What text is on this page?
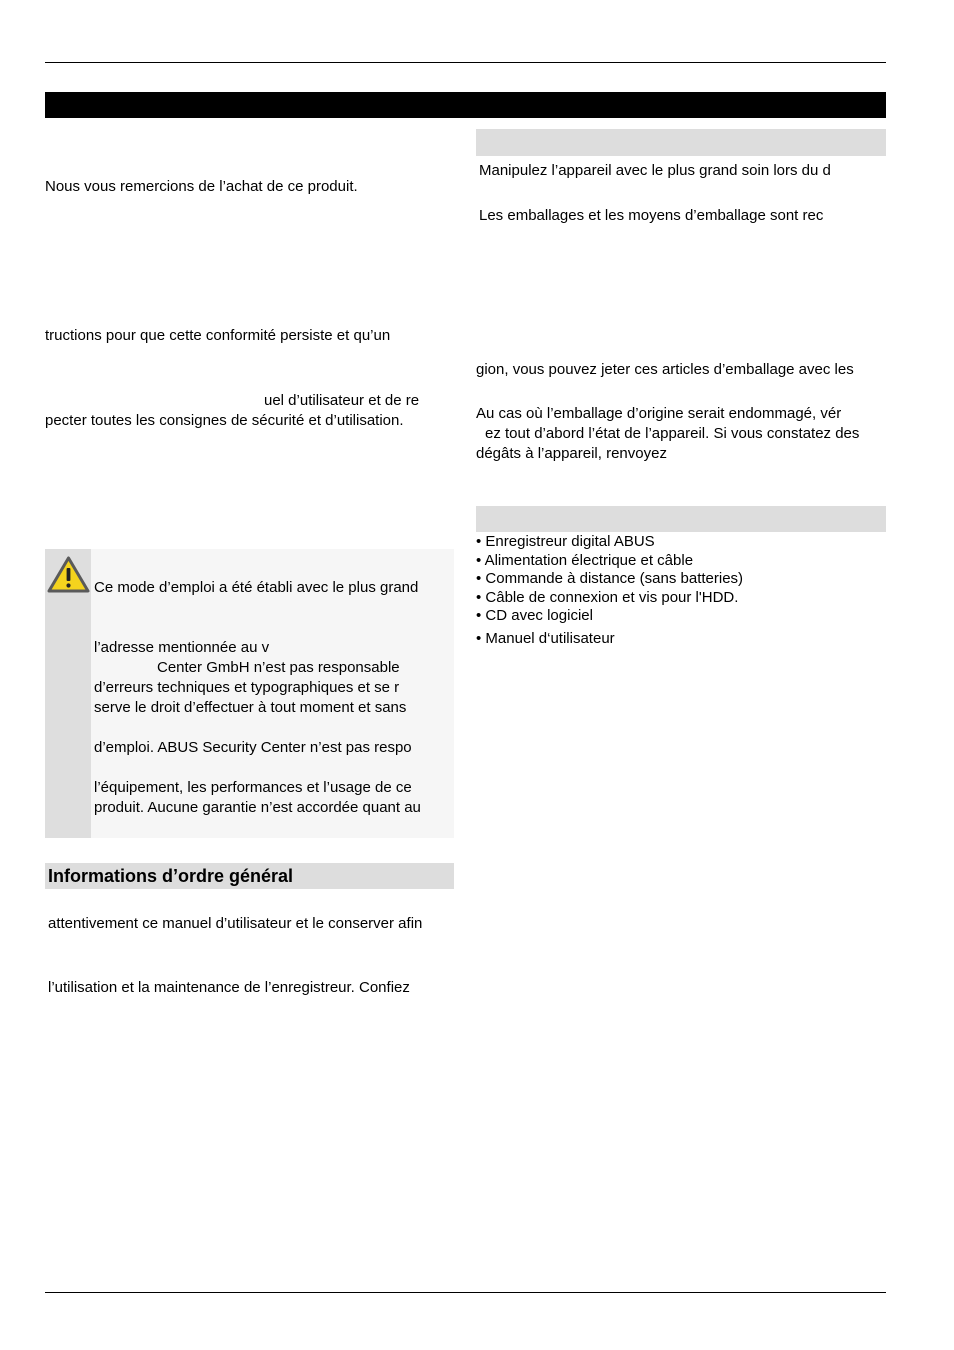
Nous vous remercions de l’achat de ce produit.
tructions pour que cette conformité persiste et qu’un
uel d’utilisateur et de re
pecter toutes les consignes de sécurité et d’utilisation.
Ce mode d’emploi a été établi avec le plus grand
l’adresse mentionnée au v
Center GmbH n’est pas responsable
d’erreurs techniques et typographiques et se r
serve le droit d’effectuer à tout moment et sans
d’emploi. ABUS Security Center n’est pas respo
l’équipement, les performances et l’usage de ce
produit. Aucune garantie n’est accordée quant au
Informations d’ordre général
attentivement ce manuel d’utilisateur et le conserver afin
l’utilisation et la maintenance de l’enregistreur. Confiez
Manipulez l’appareil avec le plus grand soin lors du d
Les emballages et les moyens d’emballage sont rec
gion, vous pouvez jeter ces articles d’emballage avec les
Au cas où l’emballage d’origine serait endommagé, vér
ez tout d’abord l’état de l’appareil. Si vous constatez des
dégâts à l’appareil, renvoyez
• Enregistreur digital ABUS
• Alimentation électrique et câble
• Commande à distance (sans batteries)
• Câble de connexion et vis pour l'HDD.
• CD avec logiciel
• Manuel d‘utilisateur
